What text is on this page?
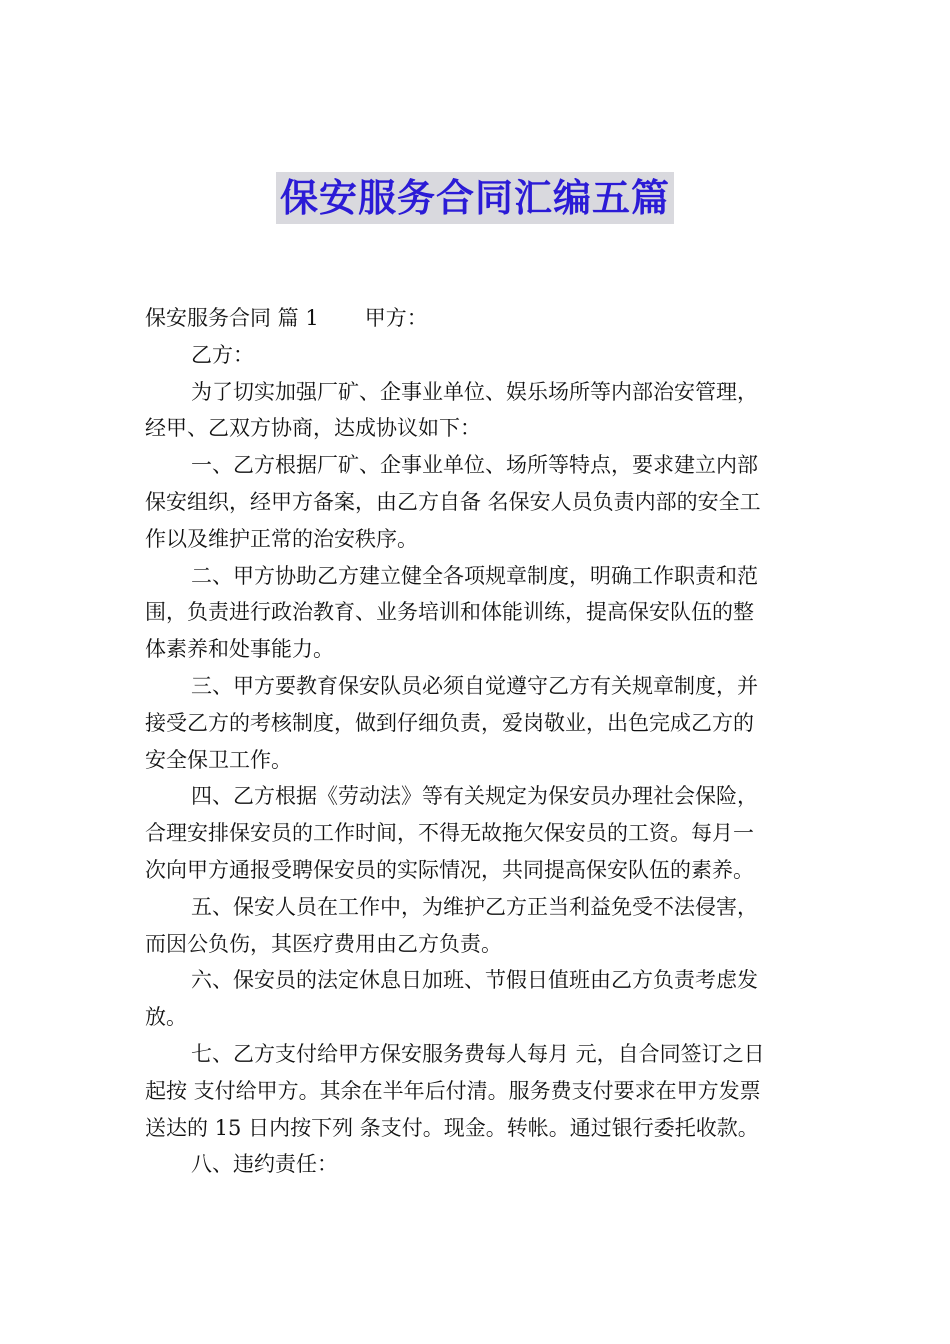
保安服务合同汇编五篇
保安服务合同 篇 1 甲方：
乙方：
为了切实加强厂矿、企事业单位、娱乐场所等内部治安管理，
经甲、乙双方协商，达成协议如下：
一、乙方根据厂矿、企事业单位、场所等特点，要求建立内部
保安组织，经甲方备案，由乙方自备 名保安人员负责内部的安全工
作以及维护正常的治安秩序。
二、甲方协助乙方建立健全各项规章制度，明确工作职责和范
围，负责进行政治教育、业务培训和体能训练，提高保安队伍的整
体素养和处事能力。
三、甲方要教育保安队员必须自觉遵守乙方有关规章制度，并
接受乙方的考核制度，做到仔细负责，爱岗敬业，出色完成乙方的
安全保卫工作。
四、乙方根据《劳动法》等有关规定为保安员办理社会保险，
合理安排保安员的工作时间，不得无故拖欠保安员的工资。每月一
次向甲方通报受聘保安员的实际情况，共同提高保安队伍的素养。
五、保安人员在工作中，为维护乙方正当利益免受不法侵害，
而因公负伤，其医疗费用由乙方负责。
六、保安员的法定休息日加班、节假日值班由乙方负责考虑发
放。
七、乙方支付给甲方保安服务费每人每月 元，自合同签订之日
起按 支付给甲方。其余在半年后付清。服务费支付要求在甲方发票
送达的 15 日内按下列 条支付。现金。转帐。通过银行委托收款。
八、违约责任：
